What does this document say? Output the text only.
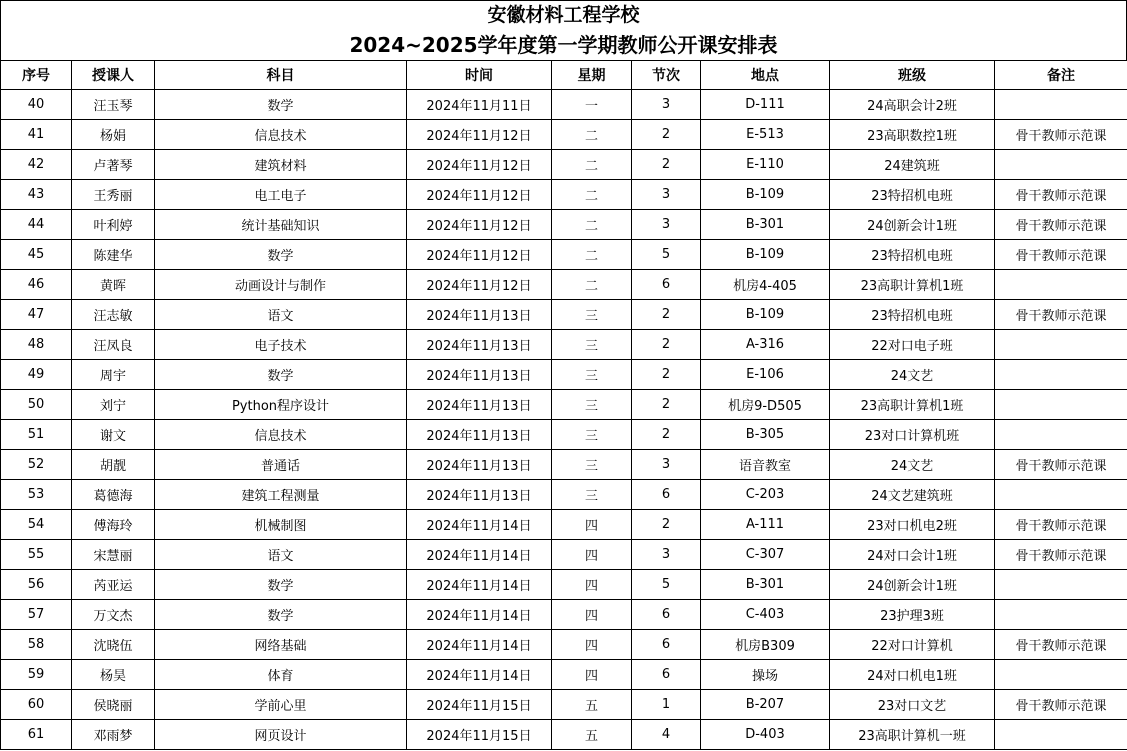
安徽材料工程学校
2024~2025学年度第一学期教师公开课安排表
序号	授课人	科目	时间	星期	节次	地点	班级	备注
40	汪玉琴	数学	2024年11月11日	一	3	D-111	24高职会计2班	
41	杨娟	信息技术	2024年11月12日	二	2	E-513	23高职数控1班	骨干教师示范课
42	卢著琴	建筑材料	2024年11月12日	二	2	E-110	24建筑班	
43	王秀丽	电工电子	2024年11月12日	二	3	B-109	23特招机电班	骨干教师示范课
44	叶利婷	统计基础知识	2024年11月12日	二	3	B-301	24创新会计1班	骨干教师示范课
45	陈建华	数学	2024年11月12日	二	5	B-109	23特招机电班	骨干教师示范课
46	黄晖	动画设计与制作	2024年11月12日	二	6	机房4-405	23高职计算机1班	
47	汪志敏	语文	2024年11月13日	三	2	B-109	23特招机电班	骨干教师示范课
48	汪凤良	电子技术	2024年11月13日	三	2	A-316	22对口电子班	
49	周宇	数学	2024年11月13日	三	2	E-106	24文艺	
50	刘宁	Python程序设计	2024年11月13日	三	2	机房9-D505	23高职计算机1班	
51	谢文	信息技术	2024年11月13日	三	2	B-305	23对口计算机班	
52	胡靓	普通话	2024年11月13日	三	3	语音教室	24文艺	骨干教师示范课
53	葛德海	建筑工程测量	2024年11月13日	三	6	C-203	24文艺建筑班	
54	傅海玲	机械制图	2024年11月14日	四	2	A-111	23对口机电2班	骨干教师示范课
55	宋慧丽	语文	2024年11月14日	四	3	C-307	24对口会计1班	骨干教师示范课
56	芮亚运	数学	2024年11月14日	四	5	B-301	24创新会计1班	
57	万文杰	数学	2024年11月14日	四	6	C-403	23护理3班	
58	沈晓伍	网络基础	2024年11月14日	四	6	机房B309	22对口计算机	骨干教师示范课
59	杨昊	体育	2024年11月14日	四	6	操场	24对口机电1班	
60	侯晓丽	学前心里	2024年11月15日	五	1	B-207	23对口文艺	骨干教师示范课
61	邓雨梦	网页设计	2024年11月15日	五	4	D-403	23高职计算机一班	
